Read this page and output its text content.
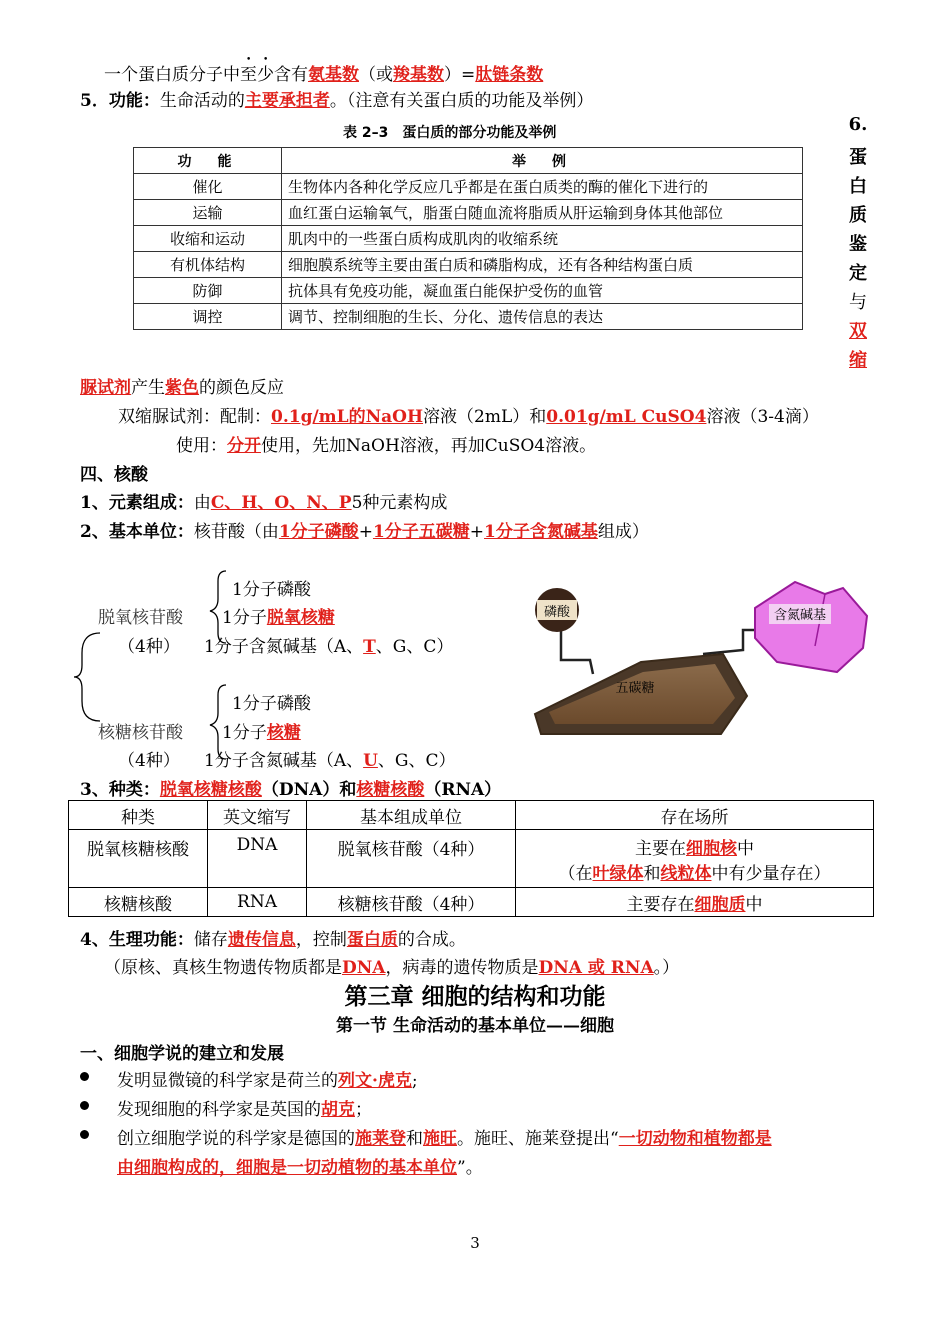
一个蛋白质分子中至少含有氨基数（或羧基数）=肽链条数
5．功能：生命活动的主要承担者。（注意有关蛋白质的功能及举例）
表 2–3　蛋白质的部分功能及举例
功　能	举　例
催化	生物体内各种化学反应几乎都是在蛋白质类的酶的催化下进行的
运输	血红蛋白运输氧气，脂蛋白随血流将脂质从肝运输到身体其他部位
收缩和运动	肌肉中的一些蛋白质构成肌肉的收缩系统
有机体结构	细胞膜系统等主要由蛋白质和磷脂构成，还有各种结构蛋白质
防御	抗体具有免疫功能，凝血蛋白能保护受伤的血管
调控	调节、控制细胞的生长、分化、遗传信息的表达
6.
蛋
白
质
鉴
定
与
双
缩
脲试剂产生紫色的颜色反应
双缩脲试剂：配制：0.1g/mL的NaOH溶液（2mL）和0.01g/mL CuSO4溶液（3-4滴）
使用：分开使用，先加NaOH溶液，再加CuSO4溶液。
四、核酸
1、元素组成：由C、H、O、N、P5种元素构成
2、基本单位：核苷酸（由1分子磷酸+1分子五碳糖+1分子含氮碱基组成）
1分子磷酸
脱氧核苷酸 1分子脱氧核糖
（4种） 1分子含氮碱基（A、T、G、C）
1分子磷酸
核糖核苷酸 1分子核糖
（4种） 1分子含氮碱基（A、U、G、C）
五碳糖
磷酸	含氮碱基
3、种类：脱氧核糖核酸（DNA）和核糖核酸（RNA）
种类	英文缩写	基本组成单位	存在场所
脱氧核糖核酸	DNA	脱氧核苷酸（4种）	主要在细胞核中
（在叶绿体和线粒体中有少量存在）

核糖核酸	RNA	核糖核苷酸（4种）	主要存在细胞质中
4、生理功能：储存遗传信息，控制蛋白质的合成。
（原核、真核生物遗传物质都是DNA，病毒的遗传物质是DNA 或 RNA。）
第三章 细胞的结构和功能
第一节 生命活动的基本单位——细胞
一、细胞学说的建立和发展
发明显微镜的科学家是荷兰的列文·虎克;
发现细胞的科学家是英国的胡克；
创立细胞学说的科学家是德国的施莱登和施旺。施旺、施莱登提出“一切动物和植物都是
由细胞构成的，细胞是一切动植物的基本单位”。
3
